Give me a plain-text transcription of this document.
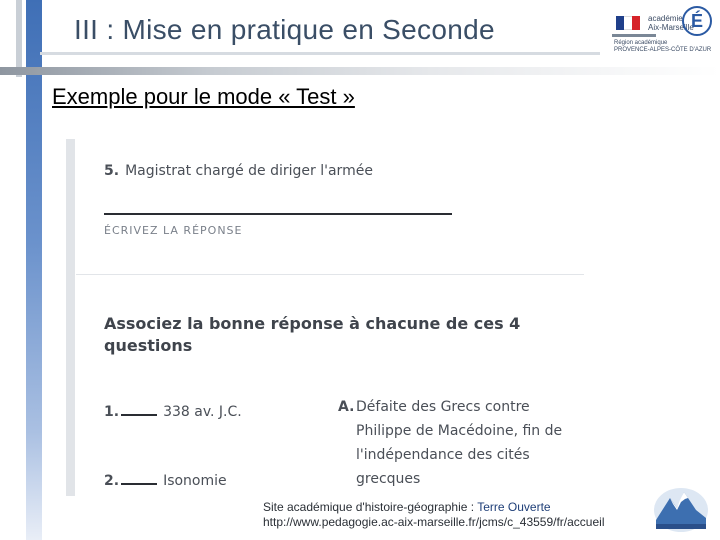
III : Mise en pratique en Seconde	académie
Aix-Marseille
É
Région académique
PROVENCE-ALPES-CÔTE D'AZUR
Exemple pour le mode « Test »
5. Magistrat chargé de diriger l'armée
ÉCRIVEZ LA RÉPONSE
Associez la bonne réponse à chacune de ces 4 questions
1.	338 av. J.C.
2.	Isonomie
A. Défaite des Grecs contre
Philippe de Macédoine, fin de
l'indépendance des cités
grecques
Site académique d'histoire-géographie : Terre Ouverte
http://www.pedagogie.ac-aix-marseille.fr/jcms/c_43559/fr/accueil
